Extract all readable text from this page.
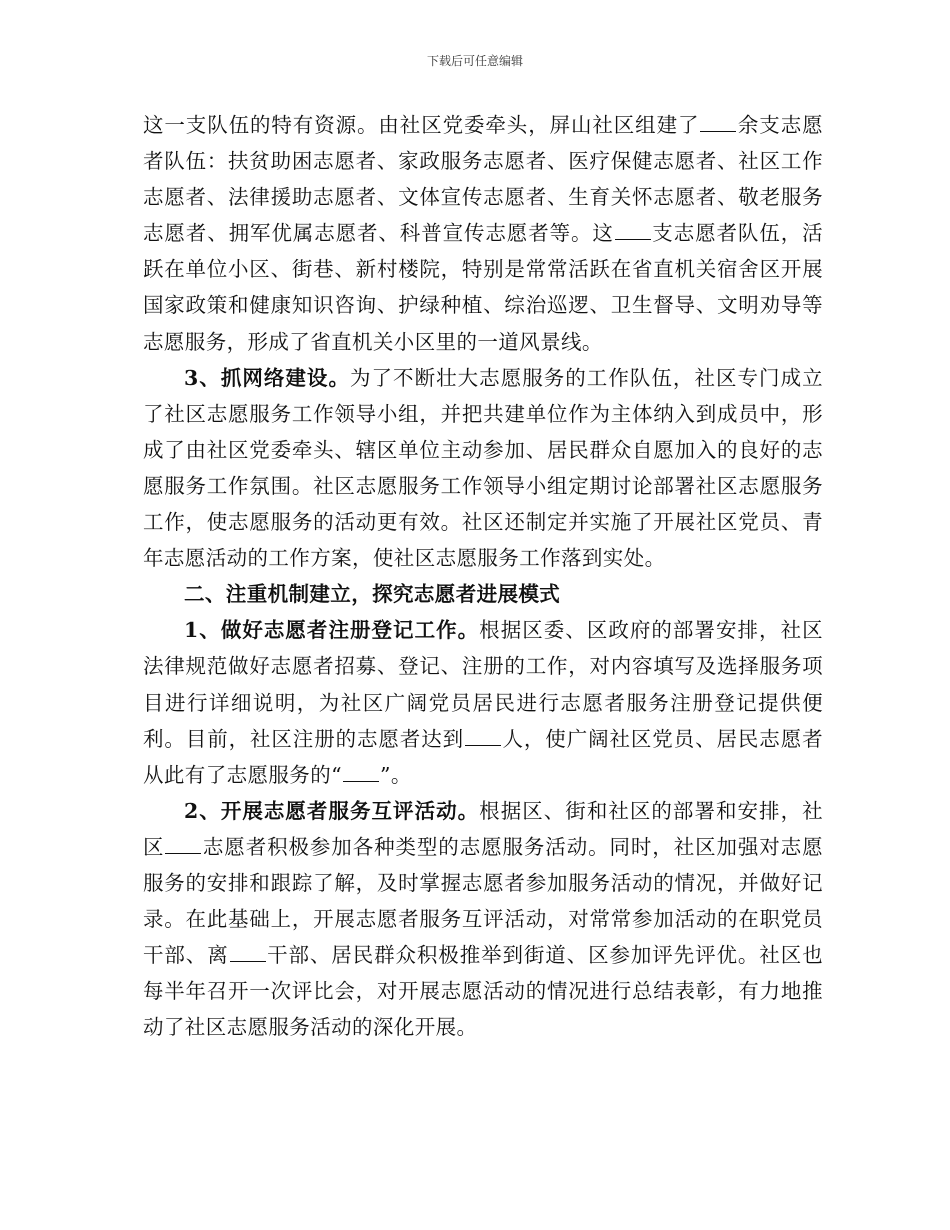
下载后可任意编辑

这一支队伍的特有资源。由社区党委牵头，屏山社区组建了 余支志愿者队伍：扶贫助困志愿者、家政服务志愿者、医疗保健志愿者、社区工作志愿者、法律援助志愿者、文体宣传志愿者、生育关怀志愿者、敬老服务志愿者、拥军优属志愿者、科普宣传志愿者等。这 支志愿者队伍，活跃在单位小区、街巷、新村楼院，特别是常常活跃在省直机关宿舍区开展国家政策和健康知识咨询、护绿种植、综治巡逻、卫生督导、文明劝导等志愿服务，形成了省直机关小区里的一道风景线。

3、抓网络建设。为了不断壮大志愿服务的工作队伍，社区专门成立了社区志愿服务工作领导小组，并把共建单位作为主体纳入到成员中，形成了由社区党委牵头、辖区单位主动参加、居民群众自愿加入的良好的志愿服务工作氛围。社区志愿服务工作领导小组定期讨论部署社区志愿服务工作，使志愿服务的活动更有效。社区还制定并实施了开展社区党员、青年志愿活动的工作方案，使社区志愿服务工作落到实处。

二、注重机制建立，探究志愿者进展模式

1、做好志愿者注册登记工作。根据区委、区政府的部署安排，社区法律规范做好志愿者招募、登记、注册的工作，对内容填写及选择服务项目进行详细说明，为社区广阔党员居民进行志愿者服务注册登记提供便利。目前，社区注册的志愿者达到 人，使广阔社区党员、居民志愿者从此有了志愿服务的“ ”。

2、开展志愿者服务互评活动。根据区、街和社区的部署和安排，社区 志愿者积极参加各种类型的志愿服务活动。同时，社区加强对志愿服务的安排和跟踪了解，及时掌握志愿者参加服务活动的情况，并做好记录。在此基础上，开展志愿者服务互评活动，对常常参加活动的在职党员干部、离 干部、居民群众积极推举到街道、区参加评先评优。社区也每半年召开一次评比会，对开展志愿活动的情况进行总结表彰，有力地推动了社区志愿服务活动的深化开展。
